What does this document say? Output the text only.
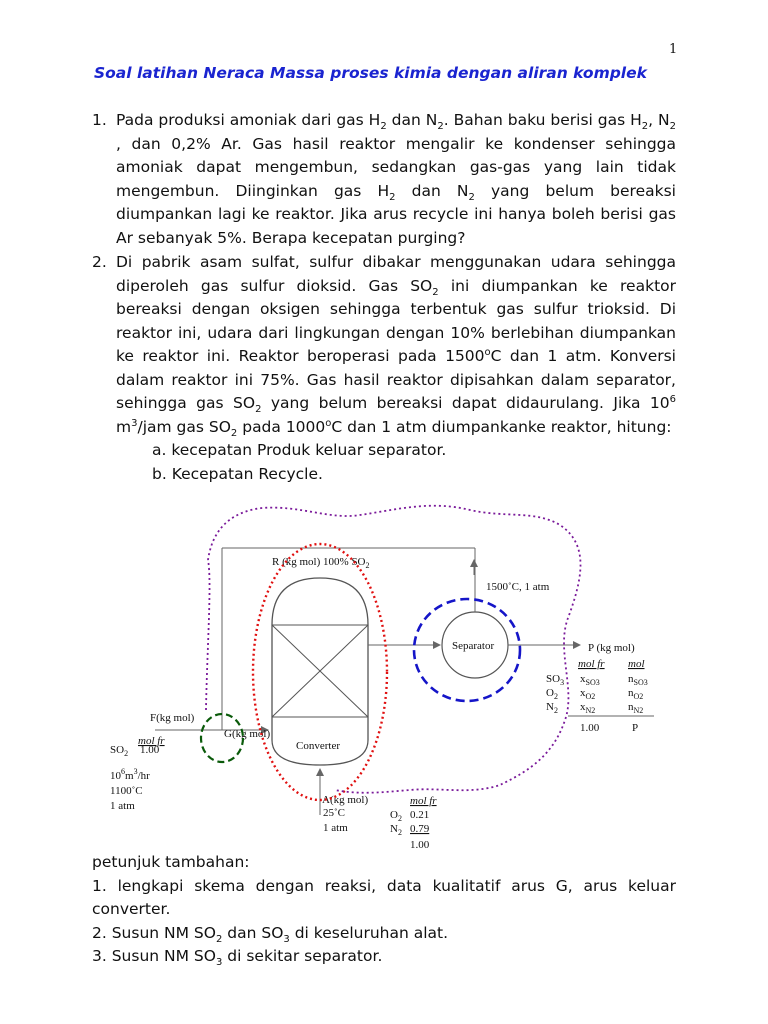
1
Soal latihan Neraca Massa proses kimia dengan aliran komplek
1. Pada produksi amoniak dari gas $H_2$ dan $N_2$. Bahan baku berisi gas $H_2$, $N_2$ , dan 0,2% Ar. Gas hasil reaktor mengalir ke kondenser sehingga amoniak dapat mengembun, sedangkan gas-gas yang lain tidak mengembun. Diinginkan gas $H_2$ dan $N_2$ yang belum bereaksi diumpankan lagi ke reaktor. Jika arus recycle ini hanya boleh berisi gas Ar sebanyak 5%. Berapa kecepatan purging?
2. Di pabrik asam sulfat, sulfur dibakar menggunakan udara sehingga diperoleh gas sulfur dioksid. Gas $SO_2$ ini diumpankan ke reaktor bereaksi dengan oksigen sehingga terbentuk gas sulfur trioksid. Di reaktor ini, udara dari lingkungan dengan 10% berlebihan diumpankan ke reaktor ini. Reaktor beroperasi pada 1500$^o$C dan 1 atm. Konversi dalam reaktor ini 75%. Gas hasil reaktor dipisahkan dalam separator, sehingga gas $SO_2$ yang belum bereaksi dapat didaurulang. Jika $10^6$ $m^3$/jam gas $SO_2$ pada 1000$^o$C dan 1 atm diumpankanke reaktor, hitung:
a. kecepatan Produk keluar separator.
b. Kecepatan Recycle.
Converter
Separator
R (kg mol) 100% $SO_2$
1500˚C, 1 atm
P (kg mol)
mol fr mol
$SO_3$ $x_{SO3}$	$n_{SO3}$
$O_2$ $x_{O2}$	$n_{O2}$
$N_2$ $x_{N2}$	$n_{N2}$
1.00	P
F(kg mol)
G(kg mol)
mol fr
$SO_2$ 1.00
$10^6m^3/hr$
1100˚C
1 atm	A(kg mol)
25˚C
1 atm
mol fr
$O_2$ 0.21
$N_2$ 0.79
1.00
petunjuk tambahan:
1. lengkapi skema dengan reaksi, data kualitatif arus G, arus keluar converter.
2. Susun NM $SO_2$ dan $SO_3$ di keseluruhan alat.
3. Susun NM $SO_3$ di sekitar separator.
